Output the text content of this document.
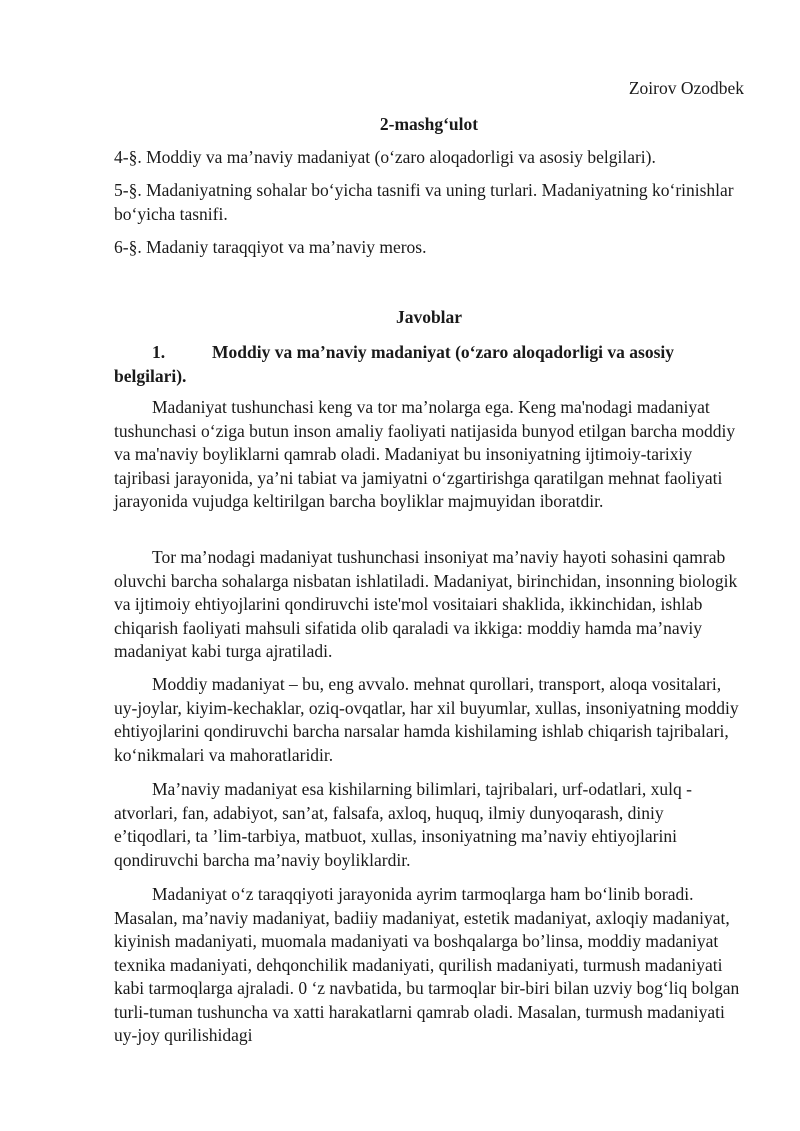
Zoirov Ozodbek
2-mashg‘ulot
4-§. Moddiy va ma’naviy madaniyat (o‘zaro aloqadorligi va asosiy belgilari).
5-§. Madaniyatning sohalar bo‘yicha tasnifi va uning turlari. Madaniyatning ko‘rinishlar bo‘yicha tasnifi.
6-§. Madaniy taraqqiyot va ma’naviy meros.
Javoblar
1.	Moddiy va ma’naviy madaniyat (o‘zaro aloqadorligi va asosiy belgilari).
Madaniyat tushunchasi keng va tor ma’nolarga ega. Keng ma'nodagi madaniyat tushunchasi o‘ziga butun inson amaliy faoliyati natijasida bunyod etilgan barcha moddiy va ma'naviy boyliklarni qamrab oladi. Madaniyat bu insoniyatning ijtimoiy-tarixiy tajribasi jarayonida, ya’ni tabiat va jamiyatni o‘zgartirishga qaratilgan mehnat faoliyati jarayonida vujudga keltirilgan barcha boyliklar majmuyidan iboratdir.
Tor ma’nodagi madaniyat tushunchasi insoniyat ma’naviy hayoti sohasini qamrab oluvchi barcha sohalarga nisbatan ishlatiladi. Madaniyat, birinchidan, insonning biologik va ijtimoiy ehtiyojlarini qondiruvchi iste'mol vositaiari shaklida, ikkinchidan, ishlab chiqarish faoliyati mahsuli sifatida olib qaraladi va ikkiga: moddiy hamda ma’naviy madaniyat kabi turga ajratiladi.
Moddiy madaniyat – bu, eng avvalo. mehnat qurollari, transport, aloqa vositalari, uy-joylar, kiyim-kechaklar, oziq-ovqatlar, har xil buyumlar, xullas, insoniyatning moddiy ehtiyojlarini qondiruvchi barcha narsalar hamda kishilaming ishlab chiqarish tajribalari, ko‘nikmalari va mahoratlaridir.
Ma’naviy madaniyat esa kishilarning bilimlari, tajribalari, urf-odatlari, xulq - atvorlari, fan, adabiyot, san’at, falsafa, axloq, huquq, ilmiy dunyoqarash, diniy e’tiqodlari, ta ’lim-tarbiya, matbuot, xullas, insoniyatning ma’naviy ehtiyojlarini qondiruvchi barcha ma’naviy boyliklardir.
Madaniyat o‘z taraqqiyoti jarayonida ayrim tarmoqlarga ham bo‘linib boradi. Masalan, ma’naviy madaniyat, badiiy madaniyat, estetik madaniyat, axloqiy madaniyat, kiyinish madaniyati, muomala madaniyati va boshqalarga bo’linsa, moddiy madaniyat texnika madaniyati, dehqonchilik madaniyati, qurilish madaniyati, turmush madaniyati kabi tarmoqlarga ajraladi. 0 ‘z navbatida, bu tarmoqlar bir-biri bilan uzviy bog‘liq bolgan turli-tuman tushuncha va xatti harakatlarni qamrab oladi. Masalan, turmush madaniyati uy-joy qurilishidagi
